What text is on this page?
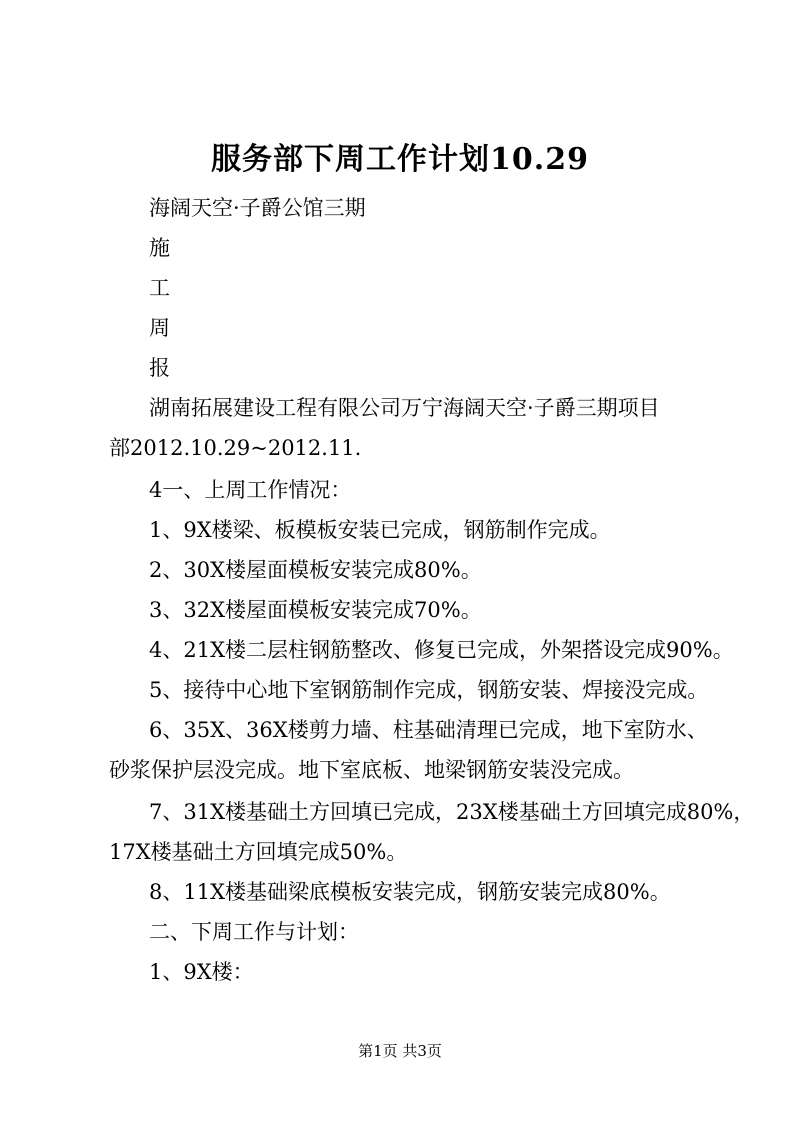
服务部下周工作计划10.29
海阔天空·子爵公馆三期
施
工
周
报
湖南拓展建设工程有限公司万宁海阔天空·子爵三期项目
部2012.10.29~2012.11.
4一、上周工作情况：
1、9X楼梁、板模板安装已完成，钢筋制作完成。
2、30X楼屋面模板安装完成80%。
3、32X楼屋面模板安装完成70%。
4、21X楼二层柱钢筋整改、修复已完成，外架搭设完成90%。
5、接待中心地下室钢筋制作完成，钢筋安装、焊接没完成。
6、35X、36X楼剪力墙、柱基础清理已完成，地下室防水、
砂浆保护层没完成。地下室底板、地梁钢筋安装没完成。
7、31X楼基础土方回填已完成，23X楼基础土方回填完成80%，
17X楼基础土方回填完成50%。
8、11X楼基础梁底模板安装完成，钢筋安装完成80%。
二、下周工作与计划：
1、9X楼：
第1页 共3页
